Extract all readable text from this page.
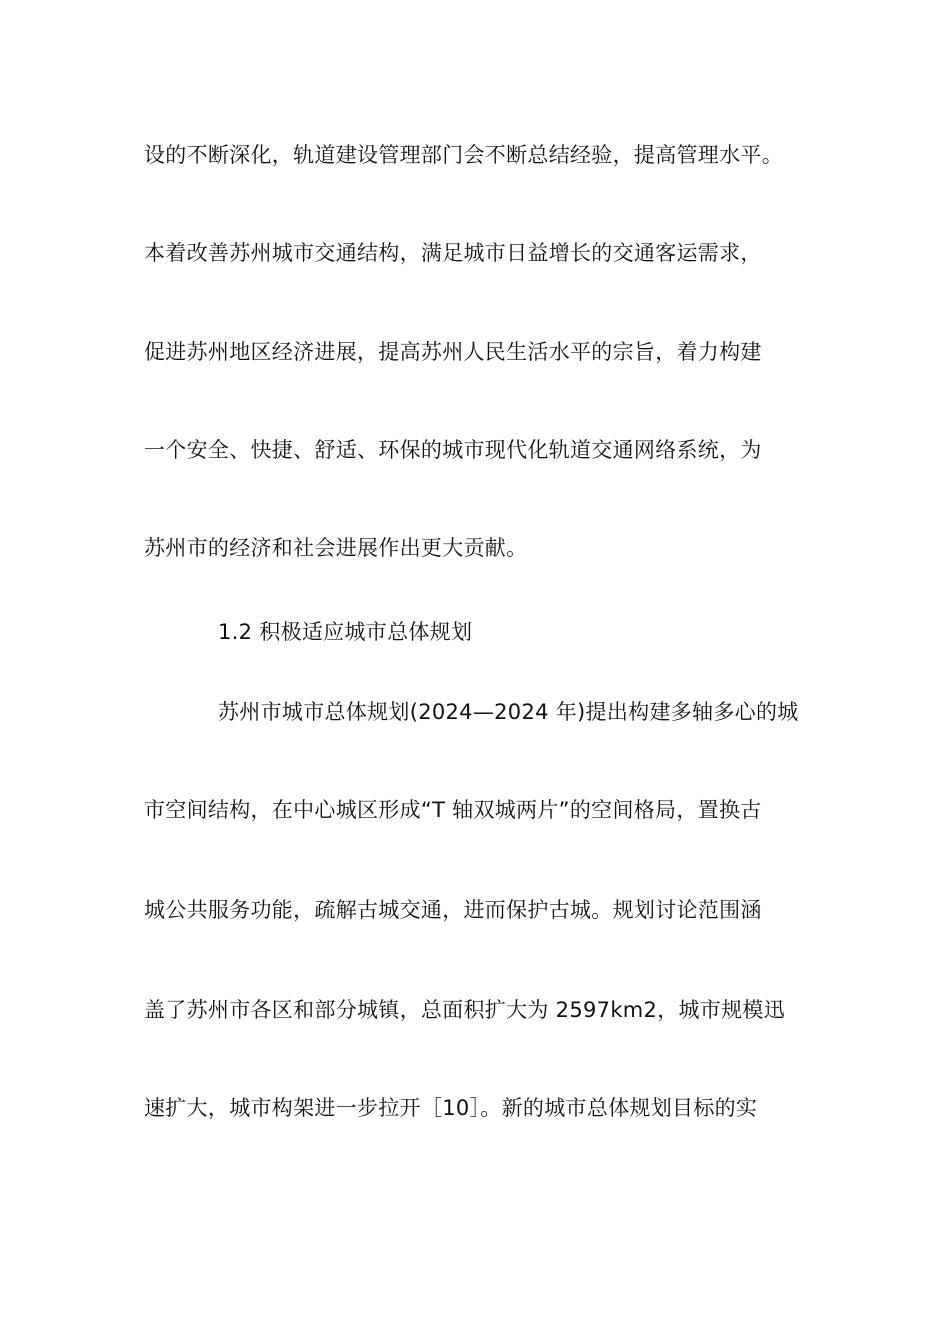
设的不断深化，轨道建设管理部门会不断总结经验，提高管理水平。
本着改善苏州城市交通结构，满足城市日益增长的交通客运需求，
促进苏州地区经济进展，提高苏州人民生活水平的宗旨，着力构建
一个安全、快捷、舒适、环保的城市现代化轨道交通网络系统，为
苏州市的经济和社会进展作出更大贡献。
1.2 积极适应城市总体规划
苏州市城市总体规划(2024—2024 年)提出构建多轴多心的城
市空间结构，在中心城区形成“T 轴双城两片”的空间格局，置换古
城公共服务功能，疏解古城交通，进而保护古城。规划讨论范围涵
盖了苏州市各区和部分城镇，总面积扩大为 2597km2，城市规模迅
速扩大，城市构架进一步拉开［10］。新的城市总体规划目标的实
